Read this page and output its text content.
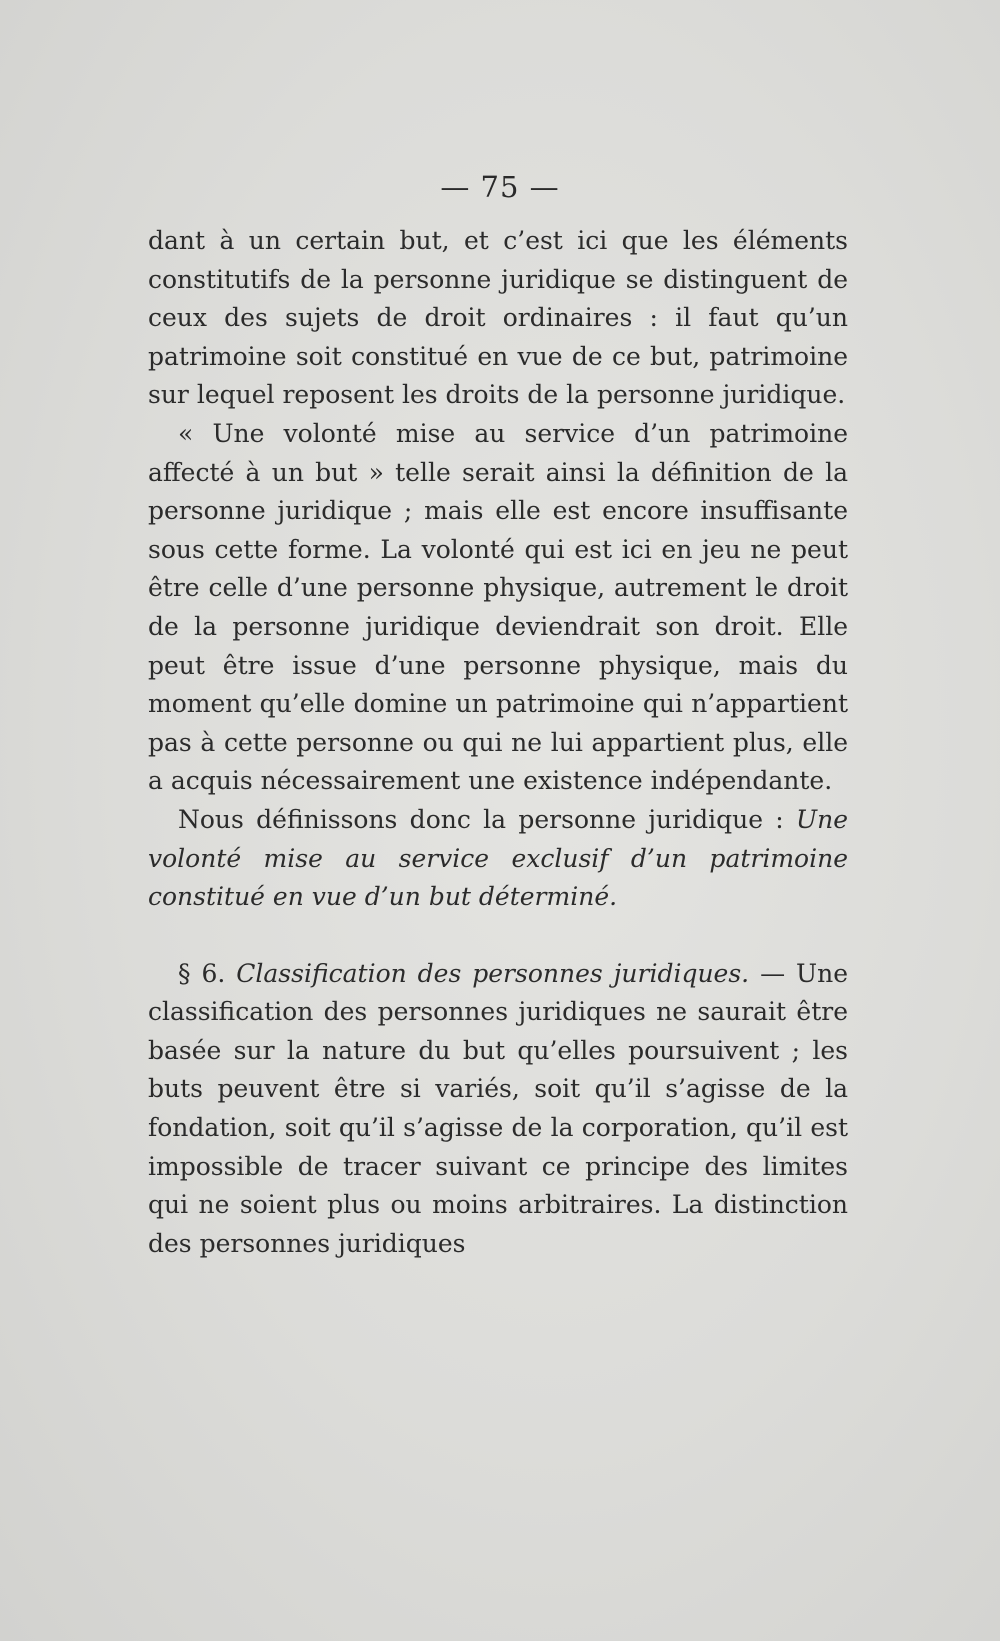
— 75 —

dant à un certain but, et c’est ici que les éléments constitutifs de la personne juridique se distinguent de ceux des sujets de droit ordinaires : il faut qu’un patrimoine soit constitué en vue de ce but, patrimoine sur lequel reposent les droits de la personne juridique.

« Une volonté mise au service d’un patrimoine affecté à un but » telle serait ainsi la définition de la personne juridique ; mais elle est encore insuffisante sous cette forme. La volonté qui est ici en jeu ne peut être celle d’une personne physique, autrement le droit de la personne juridique deviendrait son droit. Elle peut être issue d’une personne physique, mais du moment qu’elle domine un patrimoine qui n’appartient pas à cette personne ou qui ne lui appartient plus, elle a acquis nécessairement une existence indépendante.

Nous définissons donc la personne juridique : Une volonté mise au service exclusif d’un patrimoine constitué en vue d’un but déterminé.

§ 6. Classification des personnes juridiques. — Une classification des personnes juridiques ne saurait être basée sur la nature du but qu’elles poursuivent ; les buts peuvent être si variés, soit qu’il s’agisse de la fondation, soit qu’il s’agisse de la corporation, qu’il est impossible de tracer suivant ce principe des limites qui ne soient plus ou moins arbitraires. La distinction des personnes juridiques
